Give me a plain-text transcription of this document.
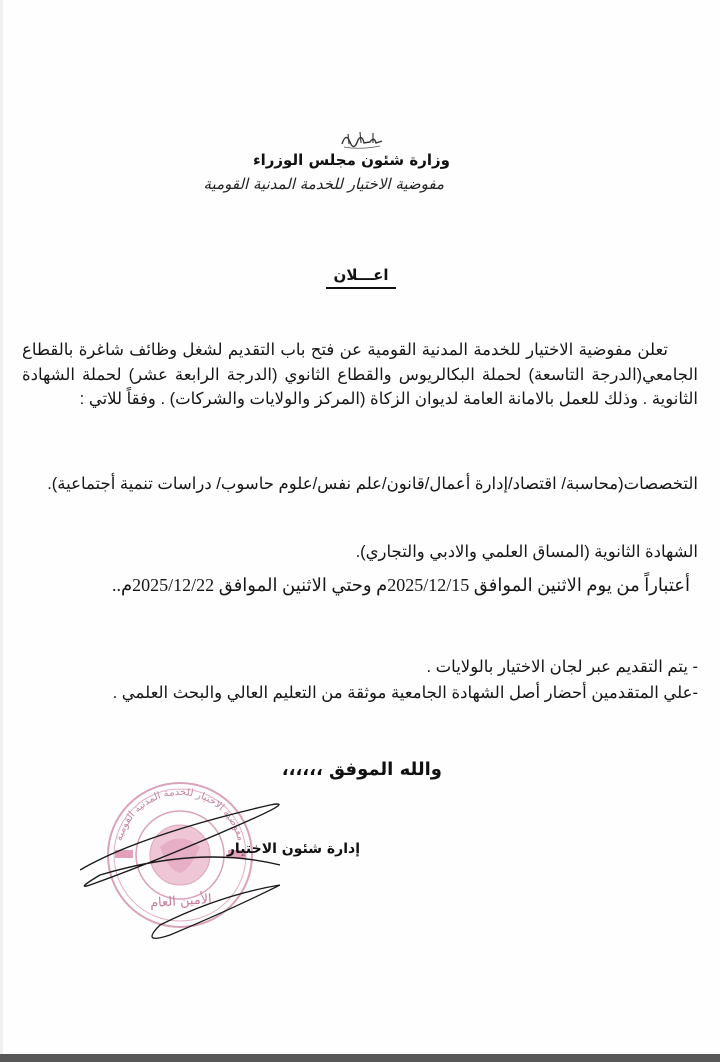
وزارة شئون مجلس الوزراء
مفوضية الاختيار للخدمة المدنية القومية
اعـــلان
تعلن مفوضية الاختيار للخدمة المدنية القومية عن فتح باب التقديم لشغل وظائف شاغرة بالقطاع الجامعي(الدرجة التاسعة) لحملة البكالريوس والقطاع الثانوي (الدرجة الرابعة عشر) لحملة الشهادة الثانوية . وذلك للعمل بالامانة العامة لديوان الزكاة (المركز والولايات والشركات) . وفقاً للاتي :
التخصصات(محاسبة/ اقتصاد/إدارة أعمال/قانون/علم نفس/علوم حاسوب/ دراسات تنمية أجتماعية).
الشهادة الثانوية (المساق العلمي والادبي والتجاري).
أعتباراً من يوم الاثنين الموافق 2025/12/15م وحتي الاثنين الموافق 2025/12/22م..
- يتم التقديم عبر لجان الاختيار بالولايات .
-علي المتقدمين أحضار أصل الشهادة الجامعية موثقة من التعليم العالي والبحث العلمي .
والله الموفق ،،،،،،
مفوضية الاختيار للخدمة المدنية القومية
إدارة شئون الاختيار
الأمين العام
